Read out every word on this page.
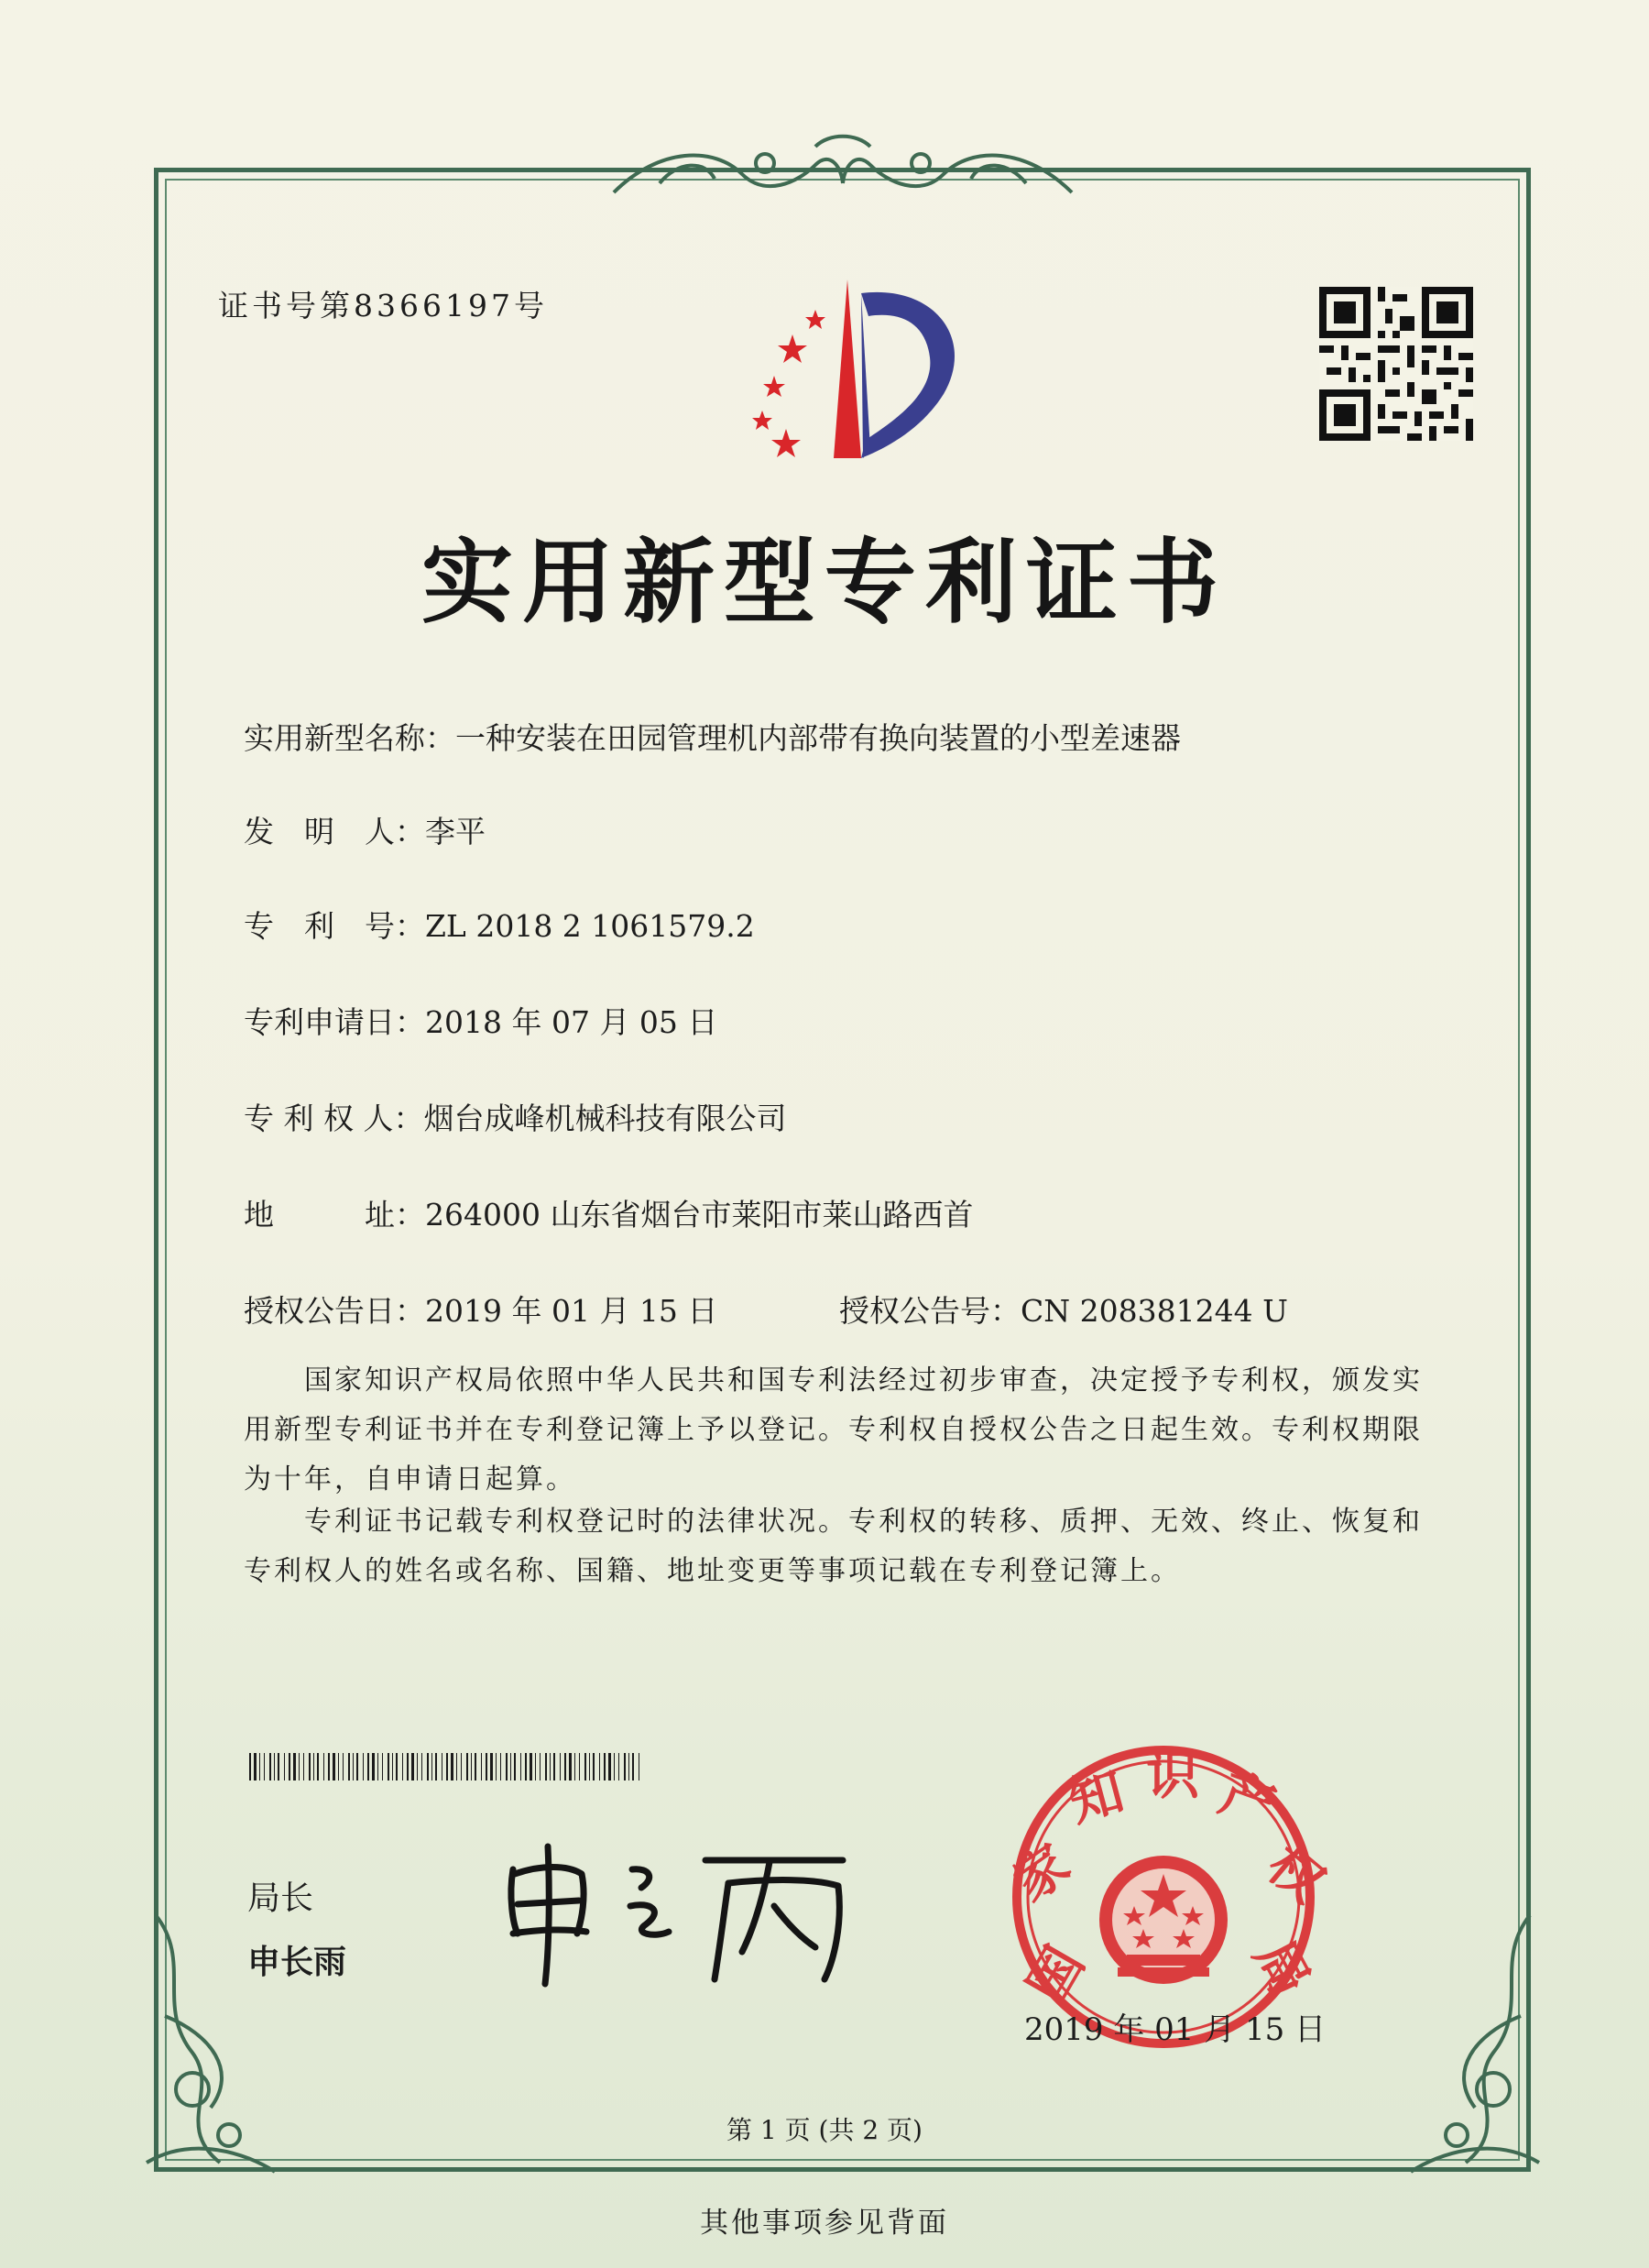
证书号第8366197号
实用新型专利证书
实用新型名称：一种安装在田园管理机内部带有换向装置的小型差速器
发　明　人：李平
专　利　号：ZL 2018 2 1061579.2
专利申请日：2018 年 07 月 05 日
专 利 权 人：烟台成峰机械科技有限公司
地　　　址：264000 山东省烟台市莱阳市莱山路西首
授权公告日：2019 年 01 月 15 日	授权公告号：CN 208381244 U
国家知识产权局依照中华人民共和国专利法经过初步审查，决定授予专利权，颁发实用新型专利证书并在专利登记簿上予以登记。专利权自授权公告之日起生效。专利权期限为十年，自申请日起算。
专利证书记载专利权登记时的法律状况。专利权的转移、质押、无效、终止、恢复和专利权人的姓名或名称、国籍、地址变更等事项记载在专利登记簿上。
局长
申长雨	国
家
知 识 产
权
局
2019 年 01 月 15 日
第 1 页 (共 2 页)
其他事项参见背面
